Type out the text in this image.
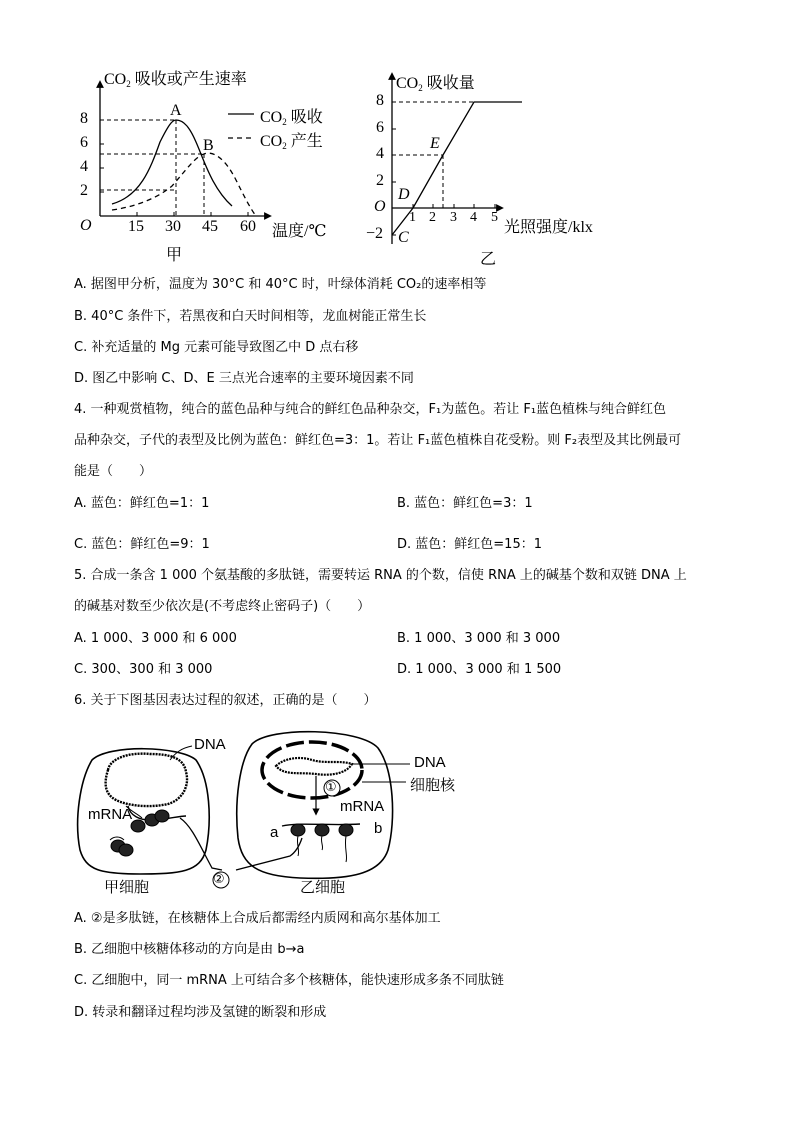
$CO_2$ 吸收或产生速率
$CO_2$ 吸收
$CO_2$ 产生
O
8
6
4
2
15 30 45 60 温度/℃
A
B
甲
$CO_2$ 吸收量
O
8
6
4
2
−2
1 2 3 4 5
光照强度/klx
C
D
E
乙
A. 据图甲分析，温度为 30°C 和 40°C 时，叶绿体消耗 CO₂的速率相等
B. 40°C 条件下，若黑夜和白天时间相等，龙血树能正常生长
C. 补充适量的 Mg 元素可能导致图乙中 D 点右移
D. 图乙中影响 C、D、E 三点光合速率的主要环境因素不同
4. 一种观赏植物，纯合的蓝色品种与纯合的鲜红色品种杂交，F₁为蓝色。若让 F₁蓝色植株与纯合鲜红色
品种杂交，子代的表型及比例为蓝色：鲜红色=3：1。若让 F₁蓝色植株自花受粉。则 F₂表型及其比例最可
能是（　　）
A. 蓝色：鲜红色=1：1	B. 蓝色：鲜红色=3：1
C. 蓝色：鲜红色=9：1	D. 蓝色：鲜红色=15：1
5. 合成一条含 1 000 个氨基酸的多肽链，需要转运 RNA 的个数，信使 RNA 上的碱基个数和双链 DNA 上
的碱基对数至少依次是(不考虑终止密码子)（　　）
A. 1 000、3 000 和 6 000	B. 1 000、3 000 和 3 000
C. 300、300 和 3 000	D. 1 000、3 000 和 1 500
6. 关于下图基因表达过程的叙述，正确的是（　　）
DNA
mRNA
甲细胞
②
DNA
细胞核
①
mRNA
a	b
乙细胞
A. ②是多肽链，在核糖体上合成后都需经内质网和高尔基体加工
B. 乙细胞中核糖体移动的方向是由 b→a
C. 乙细胞中，同一 mRNA 上可结合多个核糖体，能快速形成多条不同肽链
D. 转录和翻译过程均涉及氢键的断裂和形成
